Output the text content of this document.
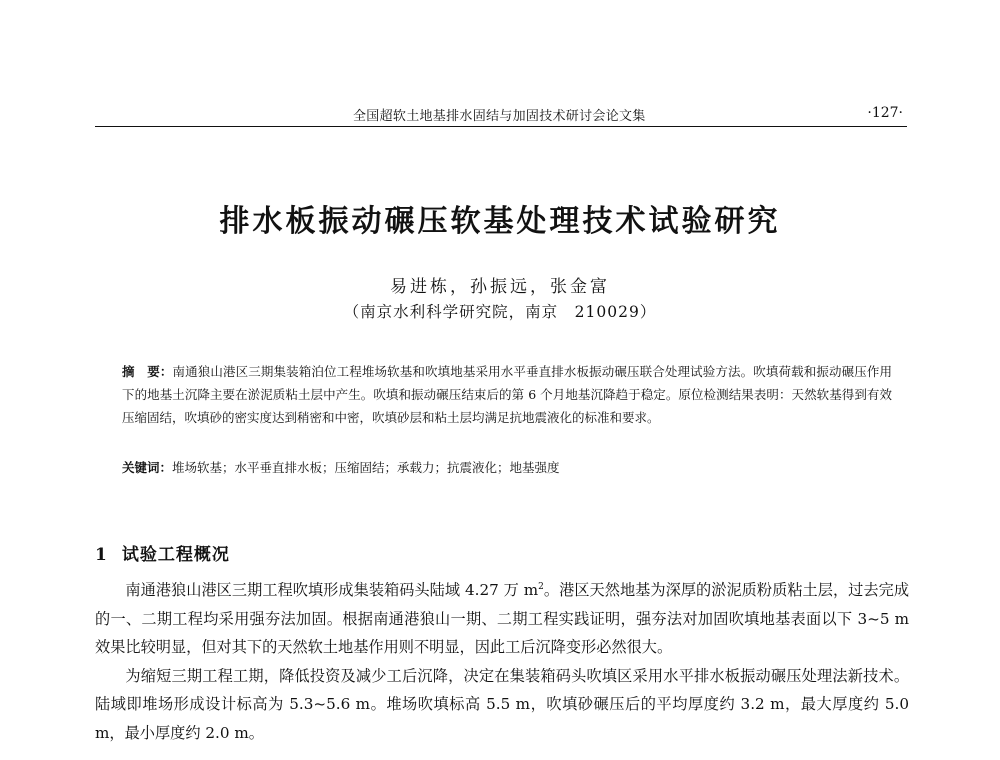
全国超软土地基排水固结与加固技术研讨会论文集	·127·
排水板振动碾压软基处理技术试验研究
易进栋，孙振远，张金富
（南京水利科学研究院，南京　210029）
摘　要：南通狼山港区三期集装箱泊位工程堆场软基和吹填地基采用水平垂直排水板振动碾压联合处理试验方法。吹填荷载和振动碾压作用下的地基土沉降主要在淤泥质粘土层中产生。吹填和振动碾压结束后的第 6 个月地基沉降趋于稳定。原位检测结果表明：天然软基得到有效压缩固结，吹填砂的密实度达到稍密和中密，吹填砂层和粘土层均满足抗地震液化的标准和要求。
关键词：堆场软基；水平垂直排水板；压缩固结；承载力；抗震液化；地基强度
1 试验工程概况

南通港狼山港区三期工程吹填形成集装箱码头陆域 4.27 万 $m^2$。港区天然地基为深厚的淤泥质粉质粘土层，过去完成的一、二期工程均采用强夯法加固。根据南通港狼山一期、二期工程实践证明，强夯法对加固吹填地基表面以下 3~5 m 效果比较明显，但对其下的天然软土地基作用则不明显，因此工后沉降变形必然很大。

为缩短三期工程工期，降低投资及减少工后沉降，决定在集装箱码头吹填区采用水平排水板振动碾压处理法新技术。陆域即堆场形成设计标高为 5.3~5.6 m。堆场吹填标高 5.5 m，吹填砂碾压后的平均厚度约 3.2 m，最大厚度约 5.0 m，最小厚度约 2.0 m。
